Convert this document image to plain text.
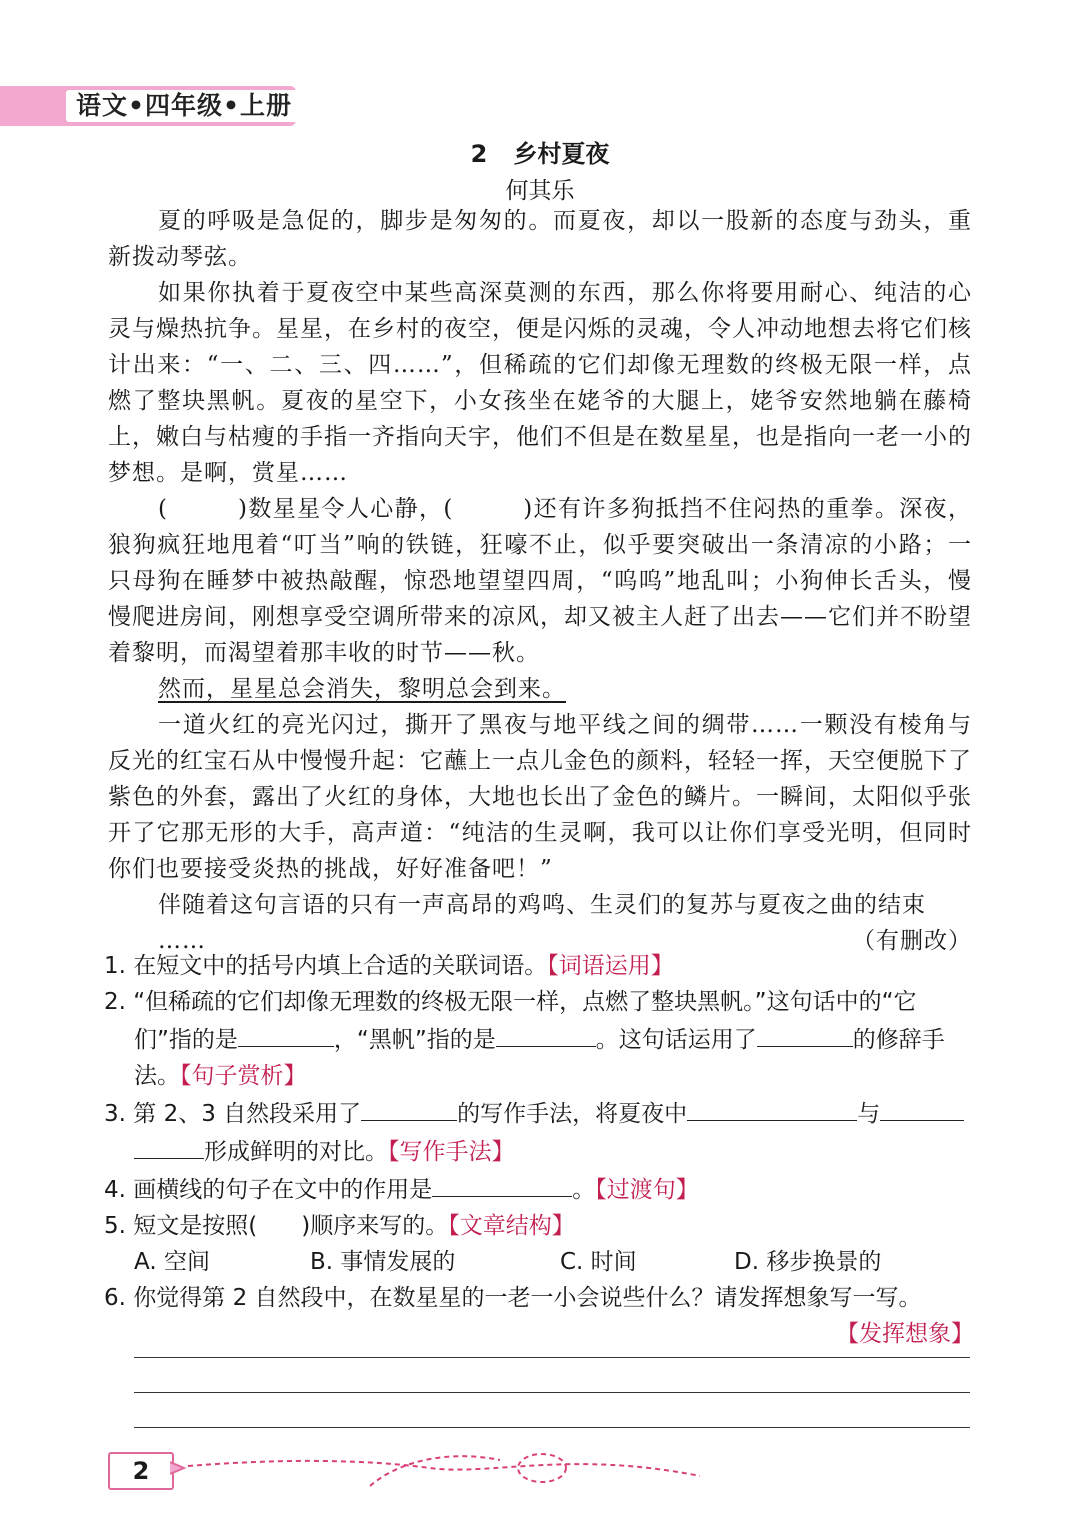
语文•四年级•上册
2 乡村夏夜
何其乐

夏的呼吸是急促的，脚步是匆匆的。而夏夜，却以一股新的态度与劲头，重新拨动琴弦。

如果你执着于夏夜空中某些高深莫测的东西，那么你将要用耐心、纯洁的心灵与燥热抗争。星星，在乡村的夜空，便是闪烁的灵魂，令人冲动地想去将它们核计出来：“一、二、三、四……”，但稀疏的它们却像无理数的终极无限一样，点燃了整块黑帆。夏夜的星空下，小女孩坐在姥爷的大腿上，姥爷安然地躺在藤椅上，嫩白与枯瘦的手指一齐指向天宇，他们不但是在数星星，也是指向一老一小的梦想。是啊，赏星……

(	)数星星令人心静，(	)还有许多狗抵挡不住闷热的重拳。深夜，狼狗疯狂地甩着“叮当”响的铁链，狂嚎不止，似乎要突破出一条清凉的小路；一只母狗在睡梦中被热敲醒，惊恐地望望四周，“呜呜”地乱叫；小狗伸长舌头，慢慢爬进房间，刚想享受空调所带来的凉风，却又被主人赶了出去——它们并不盼望着黎明，而渴望着那丰收的时节——秋。

然而，星星总会消失，黎明总会到来。

一道火红的亮光闪过，撕开了黑夜与地平线之间的绸带……一颗没有棱角与反光的红宝石从中慢慢升起：它蘸上一点儿金色的颜料，轻轻一挥，天空便脱下了紫色的外套，露出了火红的身体，大地也长出了金色的鳞片。一瞬间，太阳似乎张开了它那无形的大手，高声道：“纯洁的生灵啊，我可以让你们享受光明，但同时你们也要接受炎热的挑战，好好准备吧！”

伴随着这句言语的只有一声高昂的鸡鸣、生灵们的复苏与夏夜之曲的结束

……	（有删改）

1. 在短文中的括号内填上合适的关联词语。【词语运用】

2. “但稀疏的它们却像无理数的终极无限一样，点燃了整块黑帆。”这句话中的“它
们”指的是	，“黑帆”指的是	。这句话运用了	的修辞手
法。【句子赏析】

3. 第 2、3 自然段采用了	的写作手法，将夏夜中	与
形成鲜明的对比。【写作手法】

4. 画横线的句子在文中的作用是	。【过渡句】

5. 短文是按照( )顺序来写的。【文章结构】

A. 空间	B. 事情发展的	C. 时间	D. 移步换景的

6. 你觉得第 2 自然段中，在数星星的一老一小会说些什么？请发挥想象写一写。

【发挥想象】

2
